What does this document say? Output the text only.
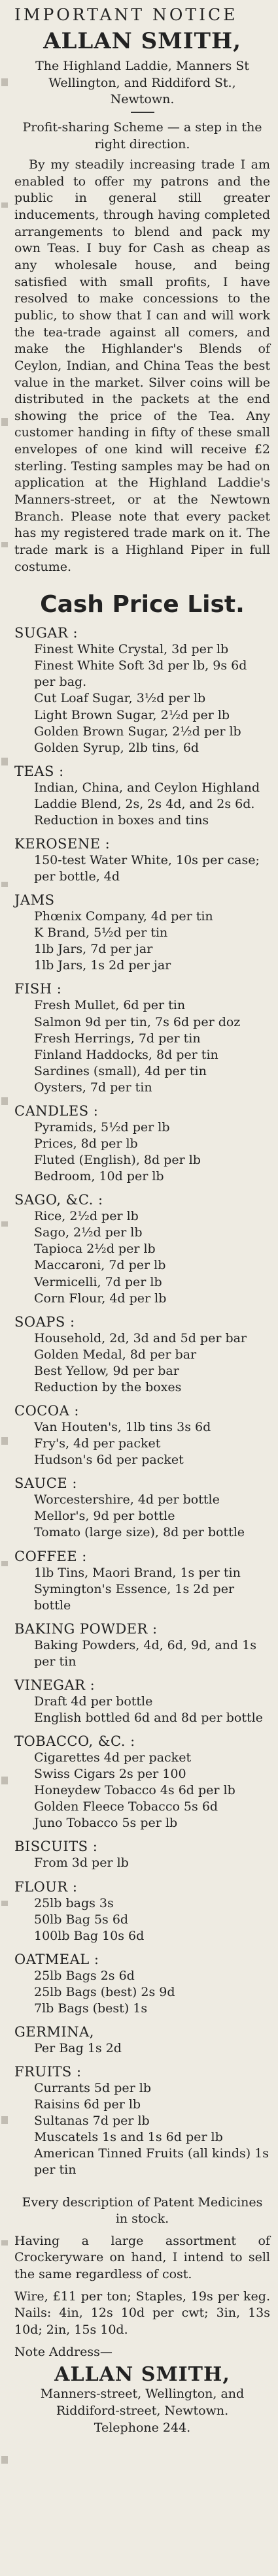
IMPORTANT NOTICE
ALLAN SMITH,
The Highland Laddie, Manners St
Wellington, and Riddiford St.,
Newtown.
Profit-sharing Scheme — a step in the right direction.

By my steadily increasing trade I am enabled to offer my patrons and the public in general still greater inducements, through having completed arrangements to blend and pack my own Teas. I buy for Cash as cheap as any wholesale house, and being satisfied with small profits, I have resolved to make concessions to the public, to show that I can and will work the tea-trade against all comers, and make the Highlander's Blends of Ceylon, Indian, and China Teas the best value in the market. Silver coins will be distributed in the packets at the end showing the price of the Tea. Any customer handing in fifty of these small envelopes of one kind will receive £2 sterling. Testing samples may be had on application at the Highland Laddie's Manners-street, or at the Newtown Branch. Please note that every packet has my registered trade mark on it. The trade mark is a Highland Piper in full costume.

Cash Price List.
SUGAR :
Finest White Crystal, 3d per lb
Finest White Soft 3d per lb, 9s 6d per bag.
Cut Loaf Sugar, 3½d per lb
Light Brown Sugar, 2½d per lb
Golden Brown Sugar, 2½d per lb
Golden Syrup, 2lb tins, 6d
TEAS :
Indian, China, and Ceylon Highland Laddie Blend, 2s, 2s 4d, and 2s 6d. Reduction in boxes and tins
KEROSENE :
150-test Water White, 10s per case; per bottle, 4d
JAMS
Phœnix Company, 4d per tin
K Brand, 5½d per tin
1lb Jars, 7d per jar
1lb Jars, 1s 2d per jar
FISH :
Fresh Mullet, 6d per tin
Salmon 9d per tin, 7s 6d per doz
Fresh Herrings, 7d per tin
Finland Haddocks, 8d per tin
Sardines (small), 4d per tin
Oysters, 7d per tin
CANDLES :
Pyramids, 5½d per lb
Prices, 8d per lb
Fluted (English), 8d per lb
Bedroom, 10d per lb
SAGO, &C. :
Rice, 2½d per lb
Sago, 2½d per lb
Tapioca 2½d per lb
Maccaroni, 7d per lb
Vermicelli, 7d per lb
Corn Flour, 4d per lb
SOAPS :
Household, 2d, 3d and 5d per bar
Golden Medal, 8d per bar
Best Yellow, 9d per bar
Reduction by the boxes
COCOA :
Van Houten's, 1lb tins 3s 6d
Fry's, 4d per packet
Hudson's 6d per packet
SAUCE :
Worcestershire, 4d per bottle
Mellor's, 9d per bottle
Tomato (large size), 8d per bottle
COFFEE :
1lb Tins, Maori Brand, 1s per tin
Symington's Essence, 1s 2d per bottle
BAKING POWDER :
Baking Powders, 4d, 6d, 9d, and 1s per tin
VINEGAR :
Draft 4d per bottle
English bottled 6d and 8d per bottle
TOBACCO, &C. :
Cigarettes 4d per packet
Swiss Cigars 2s per 100
Honeydew Tobacco 4s 6d per lb
Golden Fleece Tobacco 5s 6d
Juno Tobacco 5s per lb
BISCUITS :
From 3d per lb
FLOUR :
25lb bags 3s
50lb Bag 5s 6d
100lb Bag 10s 6d
OATMEAL :
25lb Bags 2s 6d
25lb Bags (best) 2s 9d
7lb Bags (best) 1s
GERMINA,
Per Bag 1s 2d
FRUITS :
Currants 5d per lb
Raisins 6d per lb
Sultanas 7d per lb
Muscatels 1s and 1s 6d per lb
American Tinned Fruits (all kinds) 1s per tin
Every description of Patent Medicines in stock.
Having a large assortment of Crockeryware on hand, I intend to sell the same regardless of cost.
Wire, £11 per ton; Staples, 19s per keg. Nails: 4in, 12s 10d per cwt; 3in, 13s 10d; 2in, 15s 10d.
Note Address—
ALLAN SMITH,
Manners-street, Wellington, and
Riddiford-street, Newtown.
Telephone 244.
